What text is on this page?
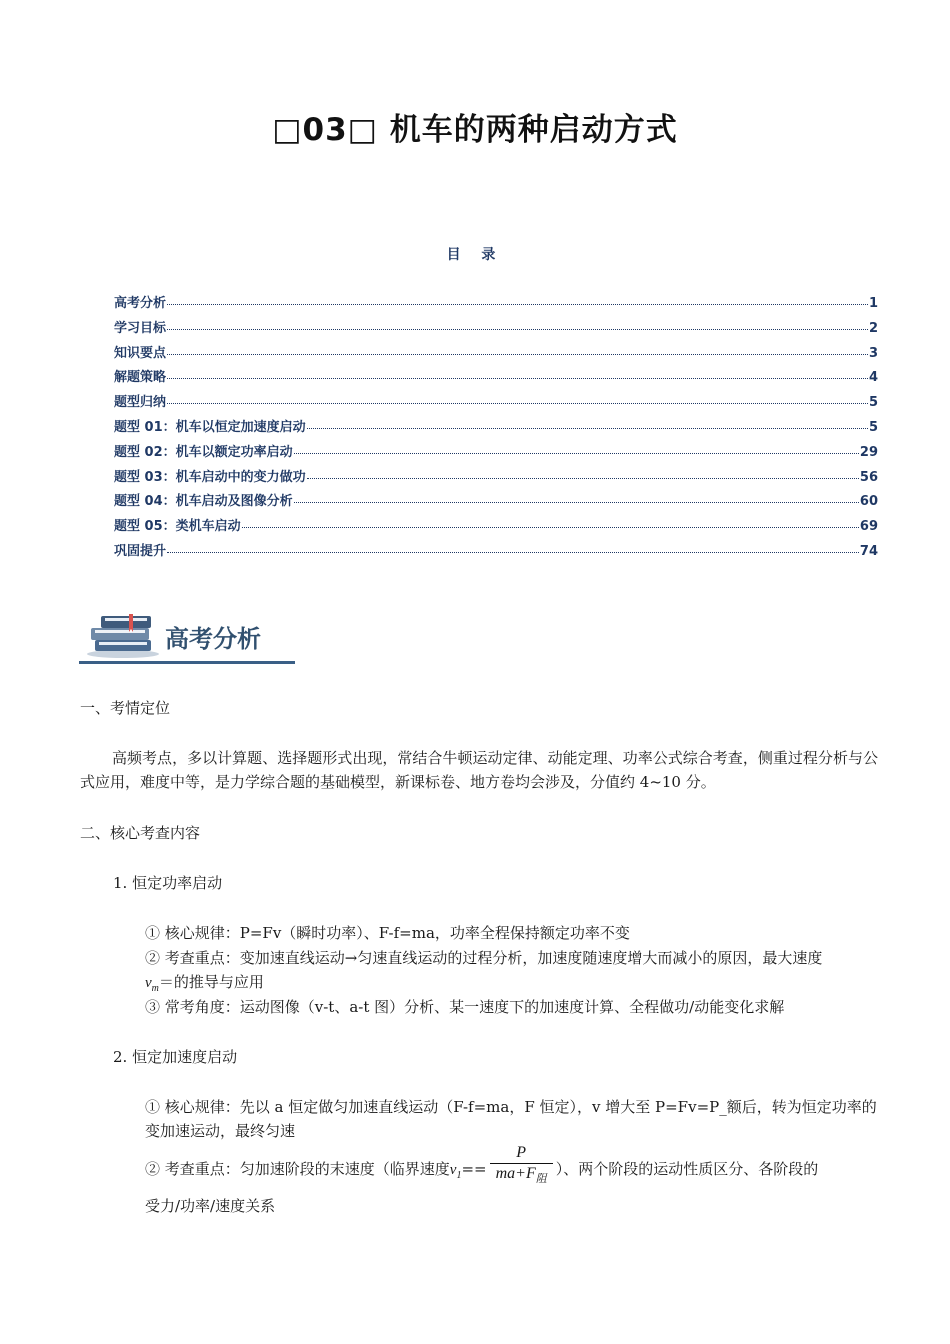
□03□ 机车的两种启动方式
目 录
高考分析	1
学习目标	2
知识要点	3
解题策略	4
题型归纳	5
题型 01：机车以恒定加速度启动	5
题型 02：机车以额定功率启动	29
题型 03：机车启动中的变力做功	56
题型 04：机车启动及图像分析	60
题型 05：类机车启动	69
巩固提升	74
高考分析
一、考情定位
高频考点，多以计算题、选择题形式出现，常结合牛顿运动定律、动能定理、功率公式综合考查，侧重过程分析与公式应用，难度中等，是力学综合题的基础模型，新课标卷、地方卷均会涉及，分值约 4~10 分。
二、核心考查内容
1. 恒定功率启动
① 核心规律：P=Fv（瞬时功率）、F-f=ma，功率全程保持额定功率不变
② 考查重点：变加速直线运动→匀速直线运动的过程分析，加速度随速度增大而减小的原因，最大速度
$v_m=$的推导与应用
③ 常考角度：运动图像（v-t、a-t 图）分析、某一速度下的加速度计算、全程做功/动能变化求解
2. 恒定加速度启动
① 核心规律：先以 a 恒定做匀加速直线运动（F-f=ma，F 恒定），v 增大至 P=Fv=P_额后，转为恒定功率的变加速运动，最终匀速
② 考查重点：匀加速阶段的末速度（临界速度$v_1== \frac{P}{ma+F_阻}$ ）、两个阶段的运动性质区分、各阶段的
受力/功率/速度关系
